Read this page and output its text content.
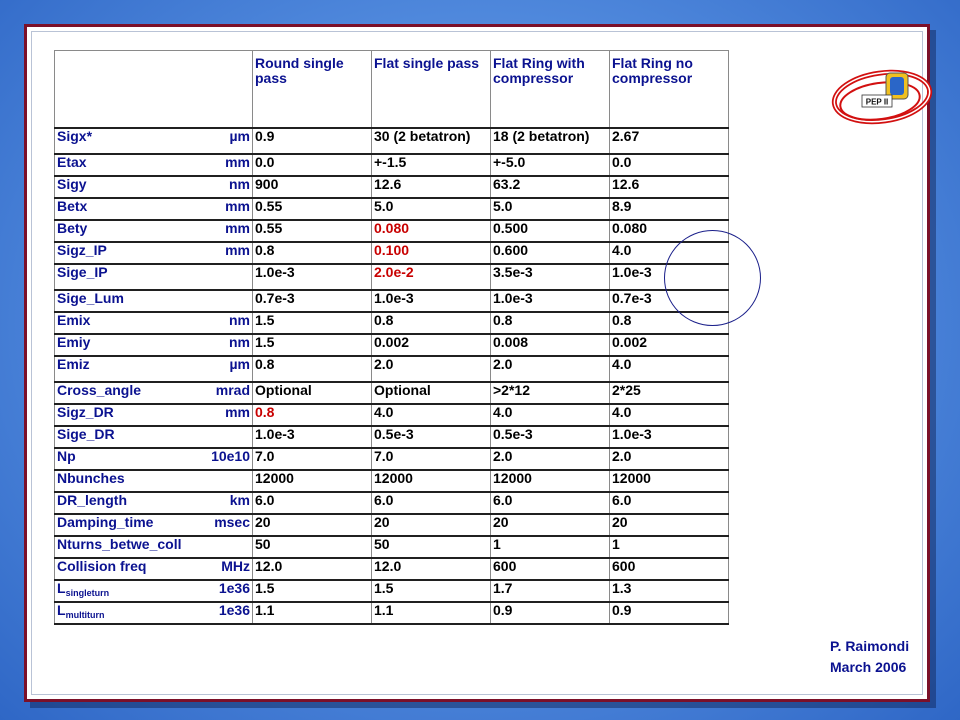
	Round single pass	Flat single pass	Flat Ring with compressor	Flat Ring no compressor

Sigx* µm	0.9	30 (2 betatron)	18 (2 betatron)	2.67

Etax mm	0.0	+-1.5	+-5.0	0.0

Sigy nm	900	12.6	63.2	12.6

Betx mm	0.55	5.0	5.0	8.9

Bety mm	0.55	0.080	0.500	0.080

Sigz_IP mm	0.8	0.100	0.600	4.0

Sige_IP	1.0e-3	2.0e-2	3.5e-3	1.0e-3

Sige_Lum	0.7e-3	1.0e-3	1.0e-3	0.7e-3

Emix nm	1.5	0.8	0.8	0.8

Emiy nm	1.5	0.002	0.008	0.002

Emiz µm	0.8	2.0	2.0	4.0

Cross_angle mrad	Optional	Optional	>2*12	2*25

Sigz_DR mm	0.8	4.0	4.0	4.0

Sige_DR	1.0e-3	0.5e-3	0.5e-3	1.0e-3

Np 10e10	7.0	7.0	2.0	2.0

Nbunches	12000	12000	12000	12000

DR_length km	6.0	6.0	6.0	6.0

Damping_time msec	20	20	20	20

Nturns_betwe_coll	50	50	1	1

Collision freq MHz	12.0	12.0	600	600

$L_{singleturn}$ 1e36	1.5	1.5	1.7	1.3

$L_{multiturn}$ 1e36	1.1	1.1	0.9	0.9
P. Raimondi
March 2006
PEP II
